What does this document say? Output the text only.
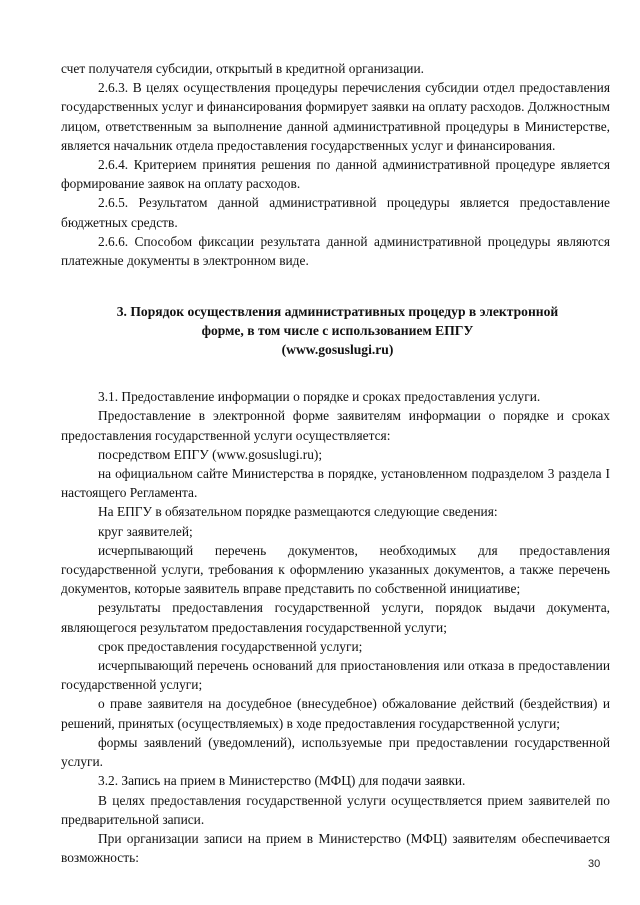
счет получателя субсидии, открытый в кредитной организации.

2.6.3. В целях осуществления процедуры перечисления субсидии отдел предоставления государственных услуг и финансирования формирует заявки на оплату расходов. Должностным лицом, ответственным за выполнение данной административной процедуры в Министерстве, является начальник отдела предоставления государственных услуг и финансирования.

2.6.4. Критерием принятия решения по данной административной процедуре является формирование заявок на оплату расходов.

2.6.5. Результатом данной административной процедуры является предоставление бюджетных средств.

2.6.6. Способом фиксации результата данной административной процедуры являются платежные документы в электронном виде.

3. Порядок осуществления административных процедур в электронной
форме, в том числе с использованием ЕПГУ
(www.gosuslugi.ru)

3.1. Предоставление информации о порядке и сроках предоставления услуги.

Предоставление в электронной форме заявителям информации о порядке и сроках предоставления государственной услуги осуществляется:

посредством ЕПГУ (www.gosuslugi.ru);

на официальном сайте Министерства в порядке, установленном подразделом 3 раздела I настоящего Регламента.

На ЕПГУ в обязательном порядке размещаются следующие сведения:

круг заявителей;

исчерпывающий перечень документов, необходимых для предоставления государственной услуги, требования к оформлению указанных документов, а также перечень документов, которые заявитель вправе представить по собственной инициативе;

результаты предоставления государственной услуги, порядок выдачи документа, являющегося результатом предоставления государственной услуги;

срок предоставления государственной услуги;

исчерпывающий перечень оснований для приостановления или отказа в предоставлении государственной услуги;

о праве заявителя на досудебное (внесудебное) обжалование действий (бездействия) и решений, принятых (осуществляемых) в ходе предоставления государственной услуги;

формы заявлений (уведомлений), используемые при предоставлении государственной услуги.

3.2. Запись на прием в Министерство (МФЦ) для подачи заявки.

В целях предоставления государственной услуги осуществляется прием заявителей по предварительной записи.

При организации записи на прием в Министерство (МФЦ) заявителям обеспечивается возможность:	30
